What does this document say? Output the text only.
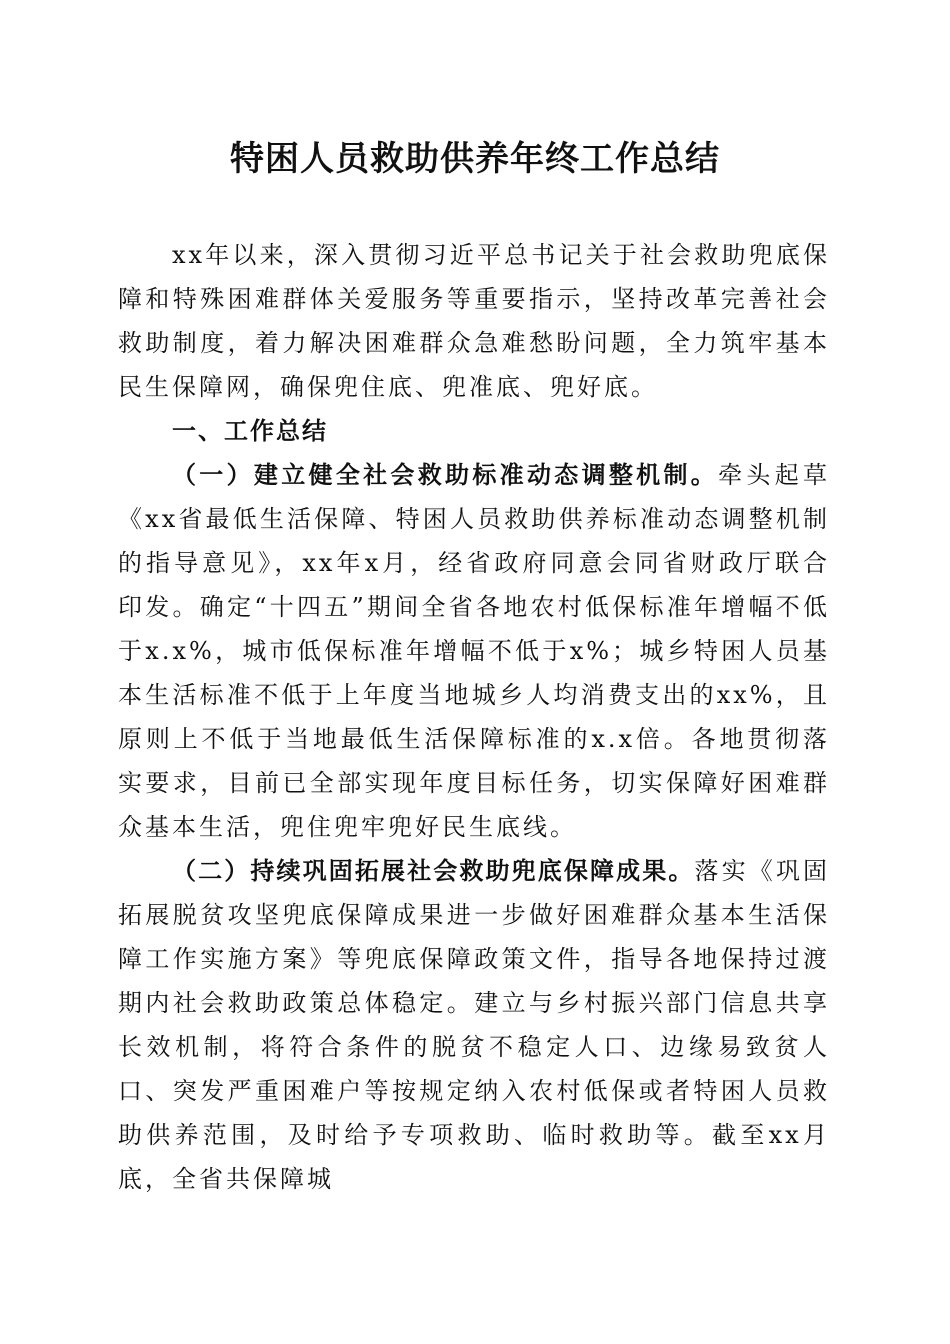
特困人员救助供养年终工作总结

xx年以来，深入贯彻习近平总书记关于社会救助兜底保障和特殊困难群体关爱服务等重要指示，坚持改革完善社会救助制度，着力解决困难群众急难愁盼问题，全力筑牢基本民生保障网，确保兜住底、兜准底、兜好底。

一、工作总结

（一）建立健全社会救助标准动态调整机制。牵头起草《xx省最低生活保障、特困人员救助供养标准动态调整机制的指导意见》，xx年x月，经省政府同意会同省财政厅联合印发。确定“十四五”期间全省各地农村低保标准年增幅不低于x.x%，城市低保标准年增幅不低于x%；城乡特困人员基本生活标准不低于上年度当地城乡人均消费支出的xx%，且原则上不低于当地最低生活保障标准的x.x倍。各地贯彻落实要求，目前已全部实现年度目标任务，切实保障好困难群众基本生活，兜住兜牢兜好民生底线。

（二）持续巩固拓展社会救助兜底保障成果。落实《巩固拓展脱贫攻坚兜底保障成果进一步做好困难群众基本生活保障工作实施方案》等兜底保障政策文件，指导各地保持过渡期内社会救助政策总体稳定。建立与乡村振兴部门信息共享长效机制，将符合条件的脱贫不稳定人口、边缘易致贫人口、突发严重困难户等按规定纳入农村低保或者特困人员救助供养范围，及时给予专项救助、临时救助等。截至xx月底，全省共保障城
